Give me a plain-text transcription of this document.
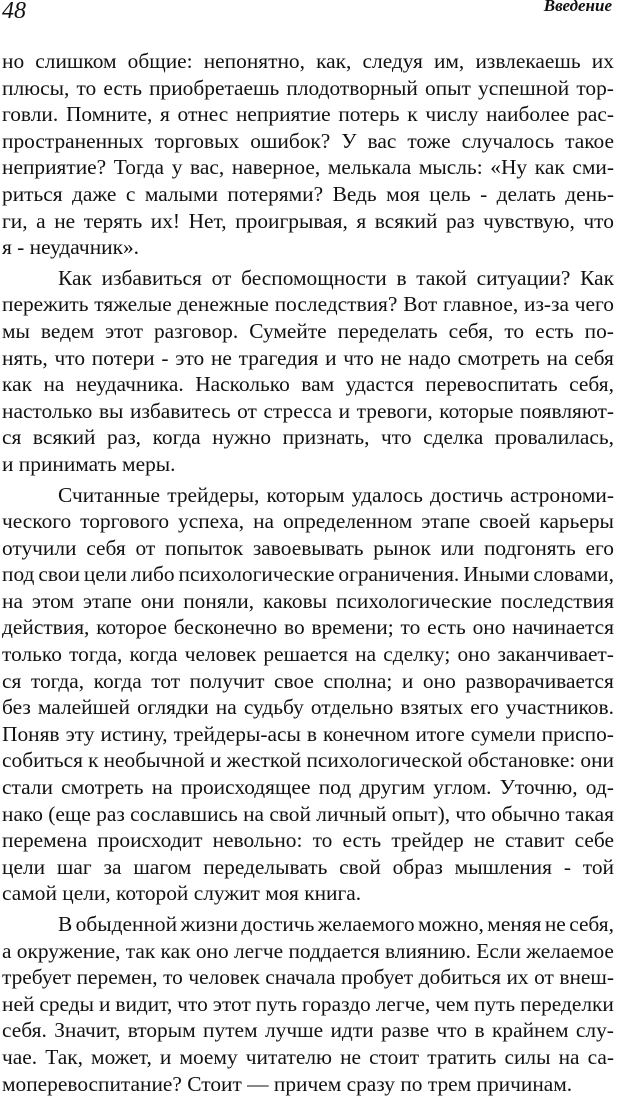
48	Введение
но слишком общие: непонятно, как, следуя им, извлекаешь их
плюсы, то есть приобретаешь плодотворный опыт успешной тор-
говли. Помните, я отнес неприятие потерь к числу наиболее рас-
пространенных торговых ошибок? У вас тоже случалось такое
неприятие? Тогда у вас, наверное, мелькала мысль: «Ну как сми-
риться даже с малыми потерями? Ведь моя цель - делать день-
ги, а не терять их! Нет, проигрывая, я всякий раз чувствую, что
я - неудачник».
Как избавиться от беспомощности в такой ситуации? Как
пережить тяжелые денежные последствия? Вот главное, из-за чего
мы ведем этот разговор. Сумейте переделать себя, то есть по-
нять, что потери - это не трагедия и что не надо смотреть на себя
как на неудачника. Насколько вам удастся перевоспитать себя,
настолько вы избавитесь от стресса и тревоги, которые появляют-
ся всякий раз, когда нужно признать, что сделка провалилась,
и принимать меры.
Считанные трейдеры, которым удалось достичь астрономи-
ческого торгового успеха, на определенном этапе своей карьеры
отучили себя от попыток завоевывать рынок или подгонять его
под свои цели либо психологические ограничения. Иными словами,
на этом этапе они поняли, каковы психологические последствия
действия, которое бесконечно во времени; то есть оно начинается
только тогда, когда человек решается на сделку; оно заканчивает-
ся тогда, когда тот получит свое сполна; и оно разворачивается
без малейшей оглядки на судьбу отдельно взятых его участников.
Поняв эту истину, трейдеры-асы в конечном итоге сумели приспо-
собиться к необычной и жесткой психологической обстановке: они
стали смотреть на происходящее под другим углом. Уточню, од-
нако (еще раз сославшись на свой личный опыт), что обычно такая
перемена происходит невольно: то есть трейдер не ставит себе
цели шаг за шагом переделывать свой образ мышления - той
самой цели, которой служит моя книга.
В обыденной жизни достичь желаемого можно, меняя не себя,
а окружение, так как оно легче поддается влиянию. Если желаемое
требует перемен, то человек сначала пробует добиться их от внеш-
ней среды и видит, что этот путь гораздо легче, чем путь переделки
себя. Значит, вторым путем лучше идти разве что в крайнем слу-
чае. Так, может, и моему читателю не стоит тратить силы на са-
моперевоспитание? Стоит — причем сразу по трем причинам.
